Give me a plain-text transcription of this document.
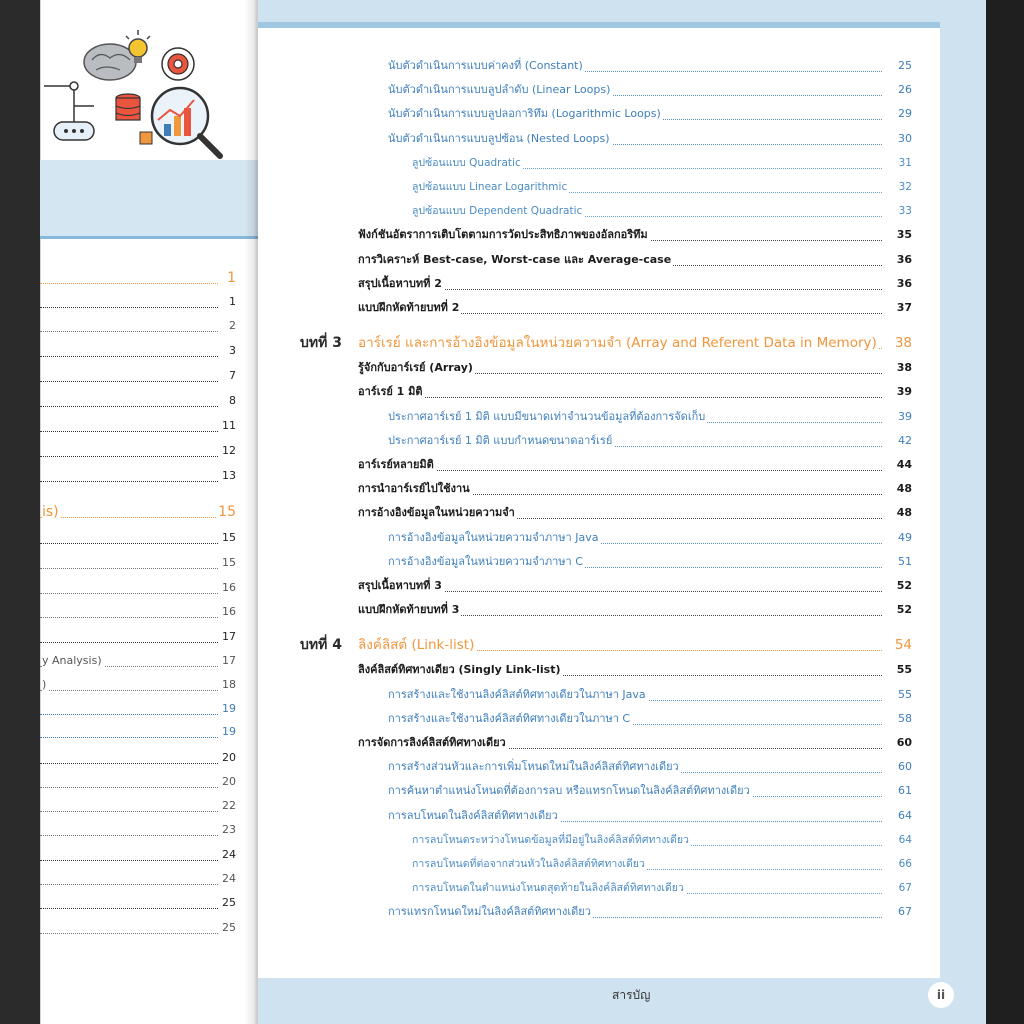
1
1
2
3
7
8
11
12
13
is)	15
15
15
16
16
17
y Analysis)	17
)	18
19
19
20
20
22
23
24
24
25
25
นับตัวดำเนินการแบบค่าคงที่ (Constant)	25
นับตัวดำเนินการแบบลูปลำดับ (Linear Loops)	26
นับตัวดำเนินการแบบลูปลอการิทึม (Logarithmic Loops)	29
นับตัวดำเนินการแบบลูปซ้อน (Nested Loops)	30
ลูปซ้อนแบบ Quadratic	31
ลูปซ้อนแบบ Linear Logarithmic	32
ลูปซ้อนแบบ Dependent Quadratic	33
ฟังก์ชันอัตราการเติบโตตามการวัดประสิทธิภาพของอัลกอริทึม	35
การวิเคราะห์ Best-case, Worst-case และ Average-case	36
สรุปเนื้อหาบทที่ 2	36
แบบฝึกหัดท้ายบทที่ 2	37
บทที่ 3 อาร์เรย์ และการอ้างอิงข้อมูลในหน่วยความจำ (Array and Referent Data in Memory) 38
รู้จักกับอาร์เรย์ (Array)	38
อาร์เรย์ 1 มิติ	39
ประกาศอาร์เรย์ 1 มิติ แบบมีขนาดเท่าจำนวนข้อมูลที่ต้องการจัดเก็บ	39
ประกาศอาร์เรย์ 1 มิติ แบบกำหนดขนาดอาร์เรย์	42
อาร์เรย์หลายมิติ	44
การนำอาร์เรย์ไปใช้งาน	48
การอ้างอิงข้อมูลในหน่วยความจำ	48
การอ้างอิงข้อมูลในหน่วยความจำภาษา Java	49
การอ้างอิงข้อมูลในหน่วยความจำภาษา C	51
สรุปเนื้อหาบทที่ 3	52
แบบฝึกหัดท้ายบทที่ 3	52
บทที่ 4 ลิงค์ลิสต์ (Link-list)	54
ลิงค์ลิสต์ทิศทางเดียว (Singly Link-list)	55
การสร้างและใช้งานลิงค์ลิสต์ทิศทางเดียวในภาษา Java	55
การสร้างและใช้งานลิงค์ลิสต์ทิศทางเดียวในภาษา C	58
การจัดการลิงค์ลิสต์ทิศทางเดียว	60
การสร้างส่วนหัวและการเพิ่มโหนดใหม่ในลิงค์ลิสต์ทิศทางเดียว	60
การค้นหาตำแหน่งโหนดที่ต้องการลบ หรือแทรกโหนดในลิงค์ลิสต์ทิศทางเดียว	61
การลบโหนดในลิงค์ลิสต์ทิศทางเดียว	64
การลบโหนดระหว่างโหนดข้อมูลที่มีอยู่ในลิงค์ลิสต์ทิศทางเดียว	64
การลบโหนดที่ต่อจากส่วนหัวในลิงค์ลิสต์ทิศทางเดียว	66
การลบโหนดในตำแหน่งโหนดสุดท้ายในลิงค์ลิสต์ทิศทางเดียว	67
การแทรกโหนดใหม่ในลิงค์ลิสต์ทิศทางเดียว	67
สารบัญ	ii
